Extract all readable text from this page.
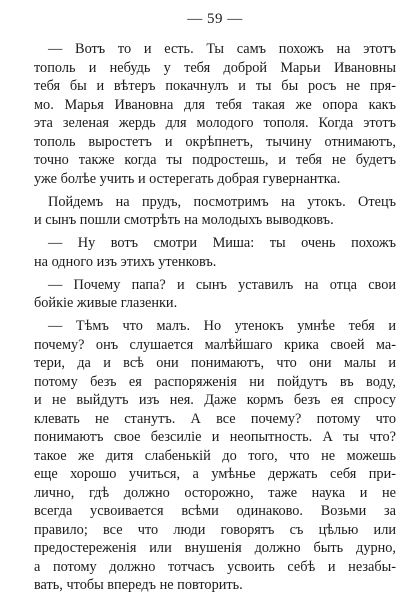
— 59 —
— Вотъ то и есть. Ты самъ похожъ на этотъ
тополь и небудь у тебя доброй Марьи Ивановны
тебя бы и вѣтеръ покачнулъ и ты бы росъ не пря-
мо. Марья Ивановна для тебя такая же опора какъ
эта зеленая жердь для молодого тополя. Когда этотъ
тополь выростетъ и окрѣпнетъ, тычину отнимаютъ,
точно также когда ты подростешь, и тебя не будетъ
уже болѣе учить и остерегать добрая гувернантка.
Пойдемъ на прудъ, посмотримъ на утокъ. Отецъ
и сынъ пошли смотрѣть на молодыхъ выводковъ.
— Ну вотъ смотри Миша: ты очень похожъ
на одного изъ этихъ утенковъ.
— Почему папа? и сынъ уставилъ на отца свои
бойкіе живые глазенки.
— Тѣмъ что малъ. Но утенокъ умнѣе тебя и
почему? онъ слушается малѣйшаго крика своей ма-
тери, да и всѣ они понимаютъ, что они малы и
потому безъ ея распоряженія ни пойдутъ въ воду,
и не выйдутъ изъ нея. Даже кормъ безъ ея спросу
клевать не станутъ. А все почему? потому что
понимаютъ свое безсиліе и неопытность. А ты что?
такое же дитя слабенькій до того, что не можешь
еще хорошо учиться, а умѣнье держать себя при-
лично, гдѣ должно осторожно, таже наука и не
всегда усвоивается всѣми одинаково. Возьми за
правило; все что люди говорятъ съ цѣлью или
предостереженія или внушенія должно быть дурно,
а потому должно тотчасъ усвоить себѣ и незабы-
вать, чтобы впередъ не повторить.
